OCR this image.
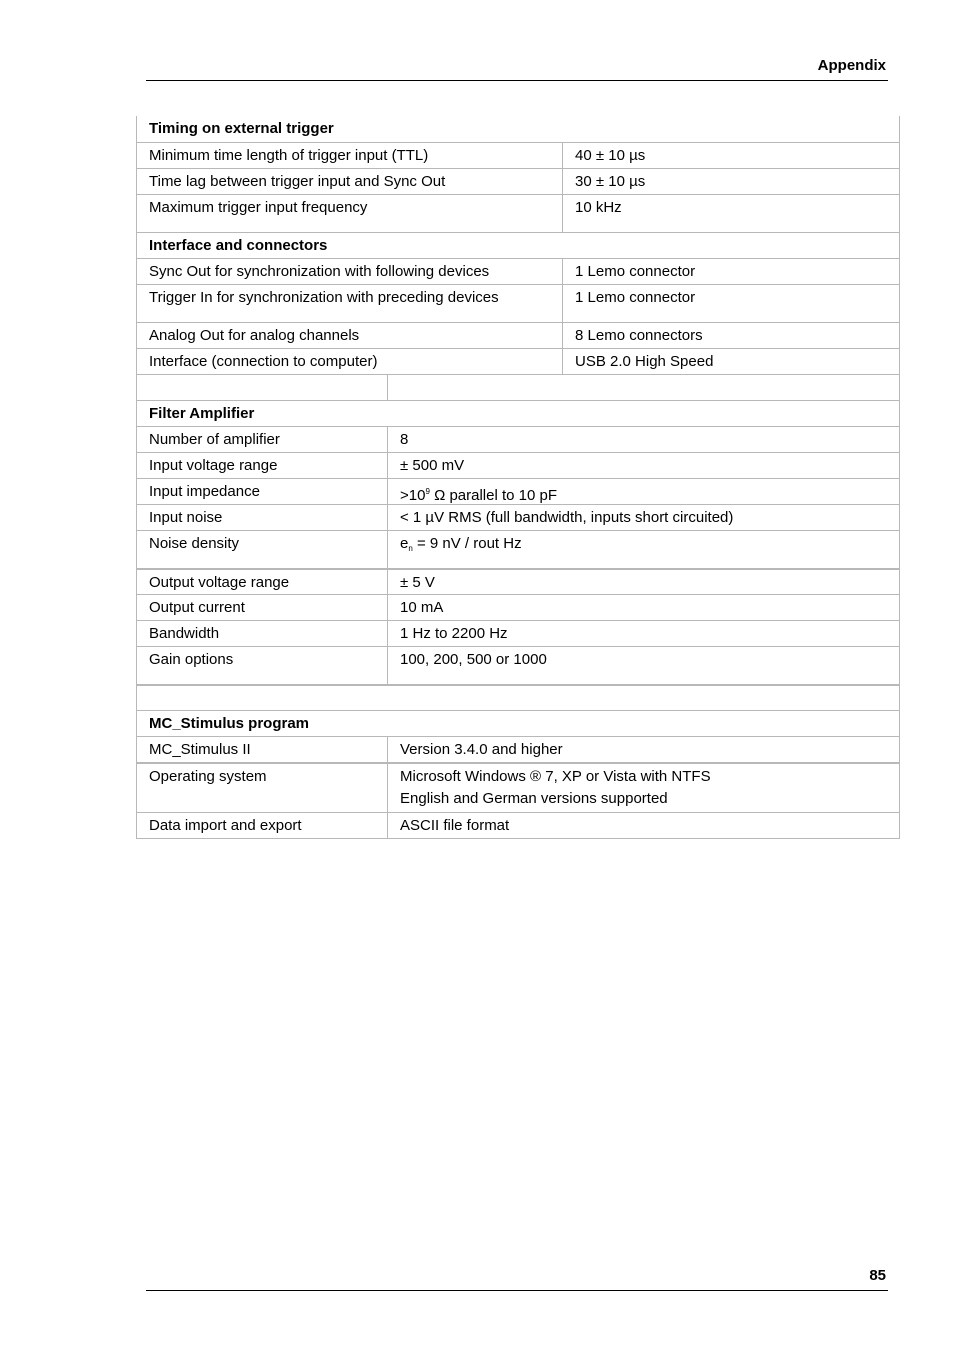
Appendix
Timing on external trigger
Minimum time length of trigger input (TTL)	40 ± 10 µs
Time lag between trigger input and Sync Out	30 ± 10 µs
Maximum trigger input frequency	10 kHz
Interface and connectors
Sync Out for synchronization with following devices	1 Lemo connector
Trigger In for synchronization with preceding devices	1 Lemo connector
Analog Out for analog channels	8 Lemo connectors
Interface (connection to computer)	USB 2.0 High Speed
Filter Amplifier
Number of amplifier	8
Input voltage range	± 500 mV
Input impedance	$>10^9$ Ω parallel to 10 pF
Input noise	< 1 µV RMS (full bandwidth, inputs short circuited)
Noise density	$e_n = 9$ nV / rout Hz
Output voltage range	± 5 V
Output current	10 mA
Bandwidth	1 Hz to 2200 Hz
Gain options	100, 200, 500 or 1000
MC_Stimulus program
MC_Stimulus II	Version 3.4.0 and higher
Operating system	Microsoft Windows ® 7, XP or Vista with NTFS
English and German versions supported
Data import and export	ASCII file format
85
